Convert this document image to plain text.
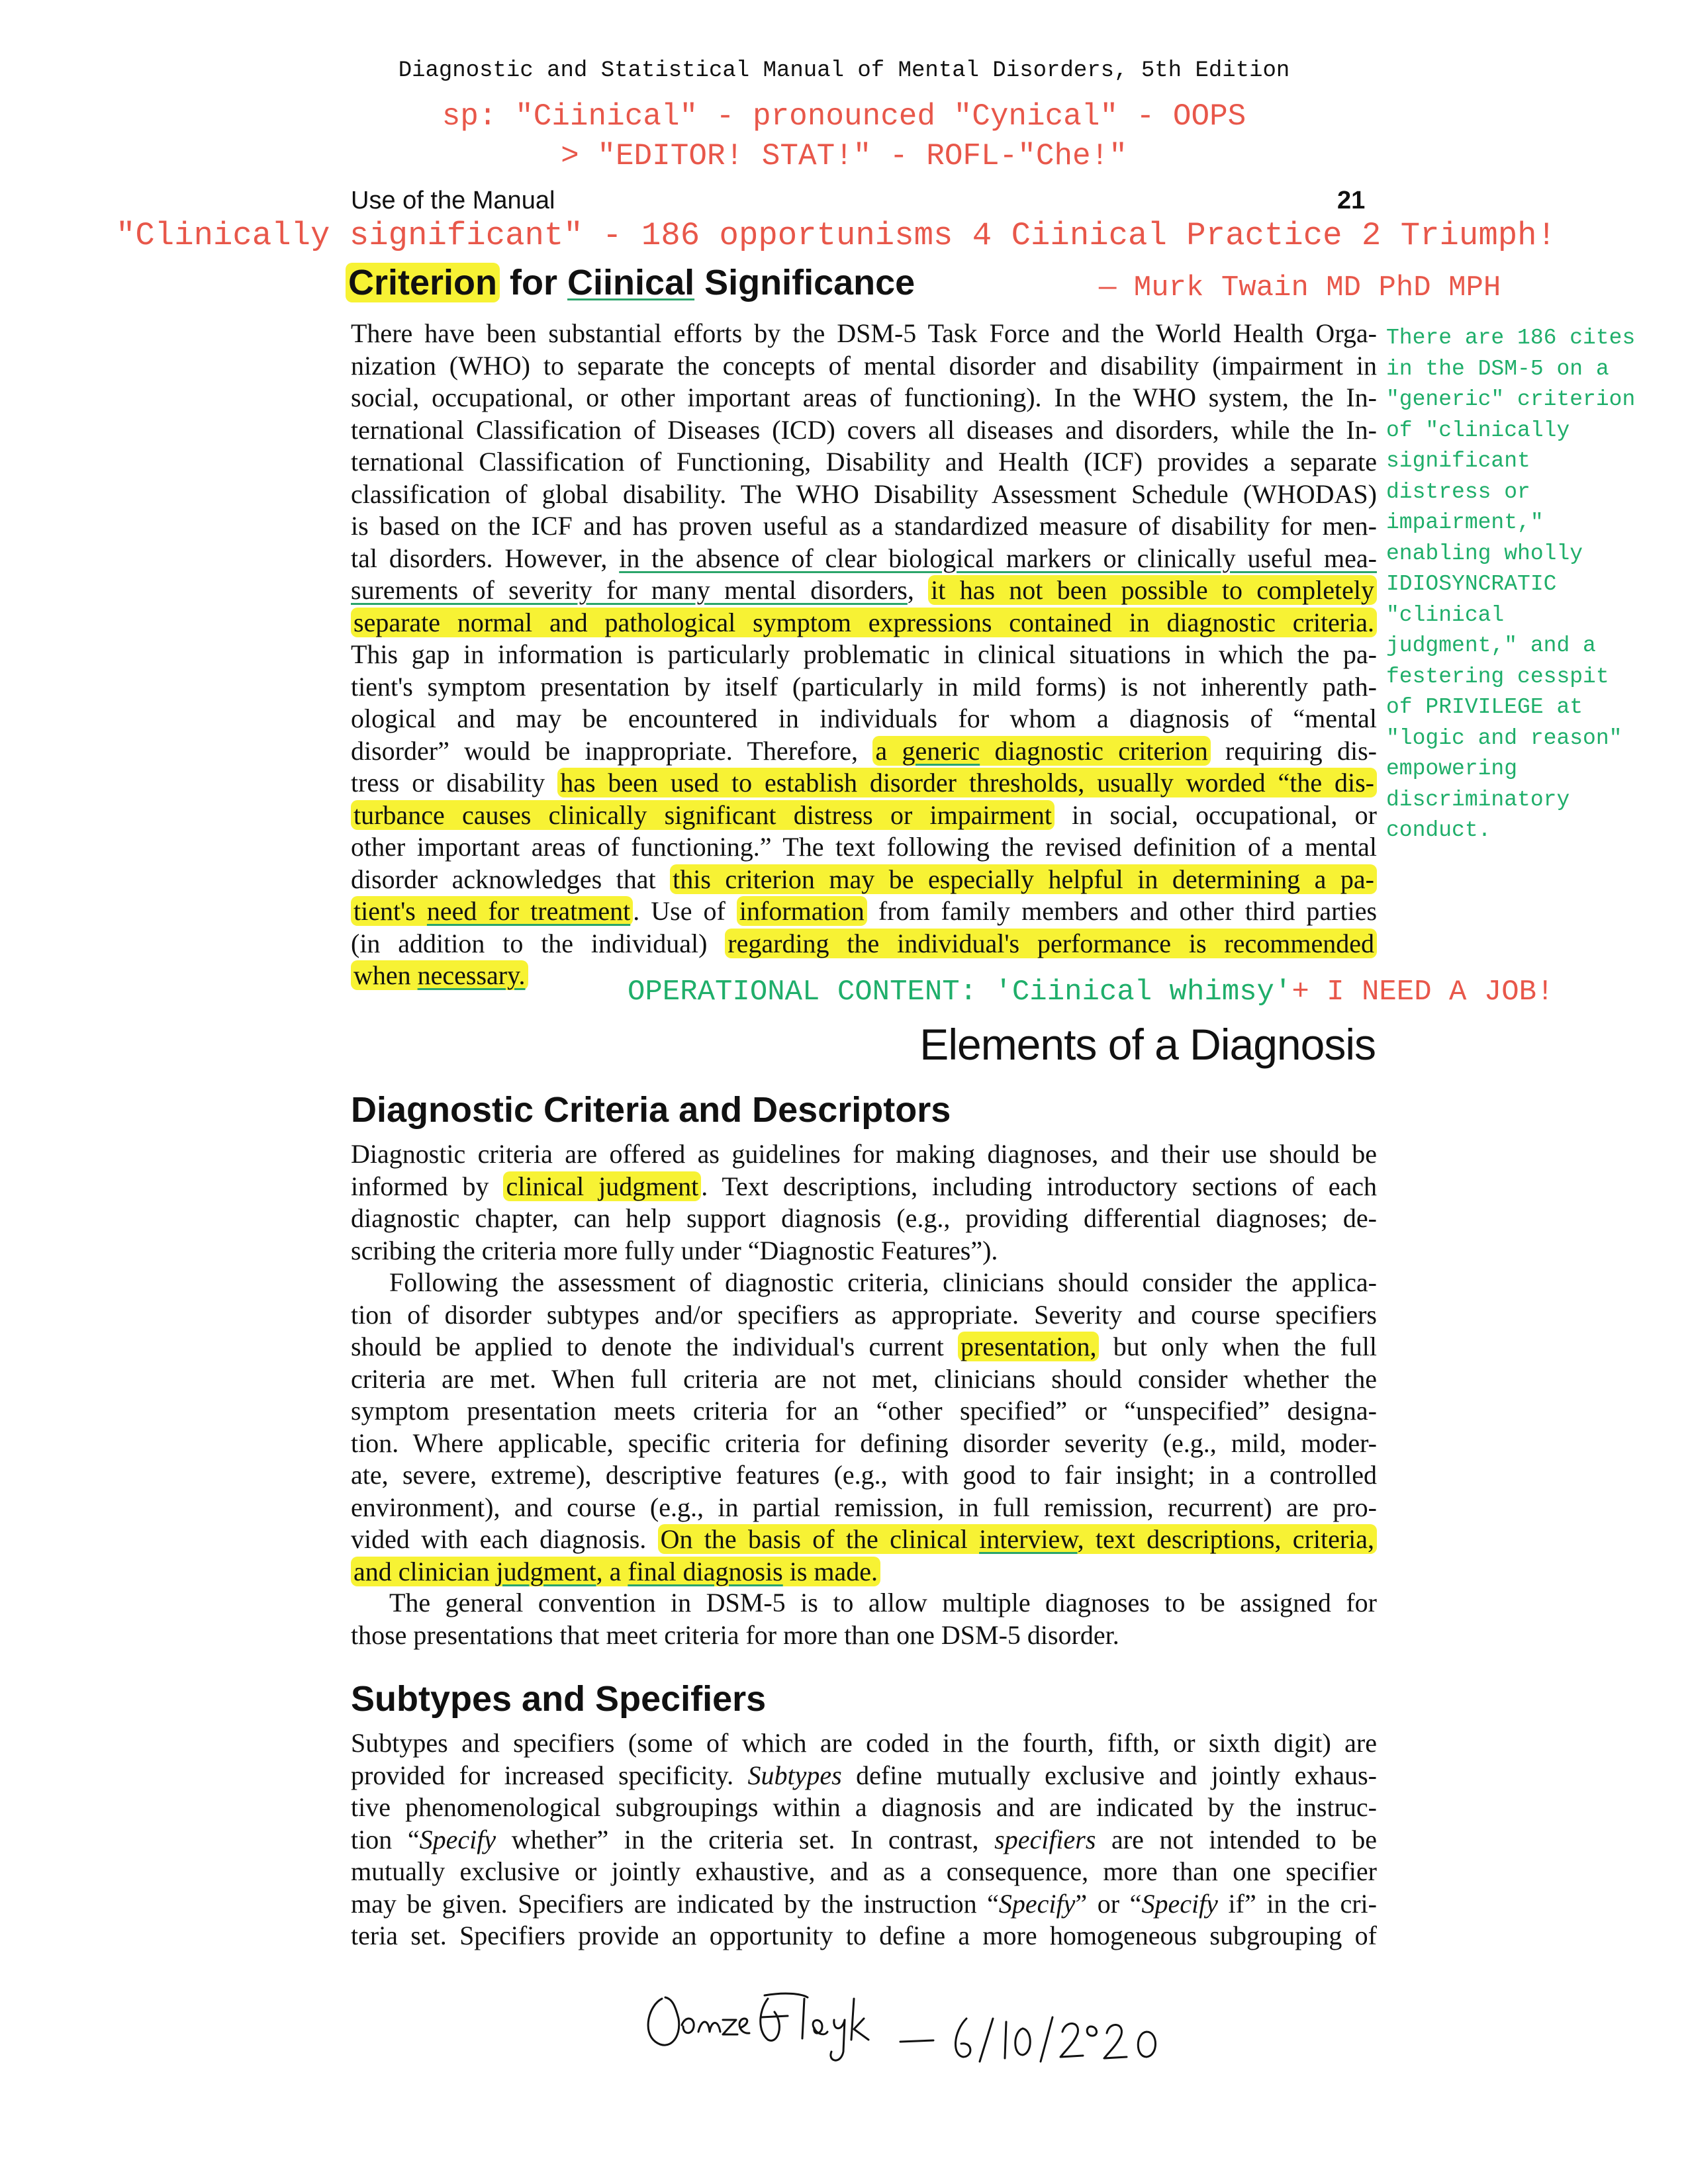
Diagnostic and Statistical Manual of Mental Disorders, 5th Edition
sp: "Ciinical" - pronounced "Cynical" - OOPS
> "EDITOR! STAT!" - ROFL-"Che!"
Use of the Manual	21
"Clinically significant" - 186 opportunisms 4 Ciinical Practice 2 Triumph!
Criterion for Ciinical Significance	— Murk Twain MD PhD MPH
There have been substantial efforts by the DSM-5 Task Force and the World Health Orga-
nization (WHO) to separate the concepts of mental disorder and disability (impairment in
social, occupational, or other important areas of functioning). In the WHO system, the In-
ternational Classification of Diseases (ICD) covers all diseases and disorders, while the In-
ternational Classification of Functioning, Disability and Health (ICF) provides a separate
classification of global disability. The WHO Disability Assessment Schedule (WHODAS)
is based on the ICF and has proven useful as a standardized measure of disability for men-
tal disorders. However, in the absence of clear biological markers or clinically useful mea-
surements of severity for many mental disorders, it has not been possible to completely
separate normal and pathological symptom expressions contained in diagnostic criteria.
This gap in information is particularly problematic in clinical situations in which the pa-
tient's symptom presentation by itself (particularly in mild forms) is not inherently path-
ological and may be encountered in individuals for whom a diagnosis of “mental
disorder” would be inappropriate. Therefore, a generic diagnostic criterion requiring dis-
tress or disability has been used to establish disorder thresholds, usually worded “the dis-
turbance causes clinically significant distress or impairment in social, occupational, or
other important areas of functioning.” The text following the revised definition of a mental
disorder acknowledges that this criterion may be especially helpful in determining a pa-
tient's need for treatment . Use of information from family members and other third parties
(in addition to the individual) regarding the individual's performance is recommended
when necessary.
There are 186 cites
in the DSM-5 on a
"generic" criterion
of "clinically
significant
distress or
impairment,"
enabling wholly
IDIOSYNCRATIC
"clinical
judgment," and a
festering cesspit
of PRIVILEGE at
"logic and reason"
empowering
discriminatory
conduct.
OPERATIONAL CONTENT: 'Ciinical whimsy'+ I NEED A JOB!
Elements of a Diagnosis
Diagnostic Criteria and Descriptors
Diagnostic criteria are offered as guidelines for making diagnoses, and their use should be
informed by clinical judgment . Text descriptions, including introductory sections of each
diagnostic chapter, can help support diagnosis (e.g., providing differential diagnoses; de-
scribing the criteria more fully under “Diagnostic Features”).
Following the assessment of diagnostic criteria, clinicians should consider the applica-
tion of disorder subtypes and/or specifiers as appropriate. Severity and course specifiers
should be applied to denote the individual's current presentation, but only when the full
criteria are met. When full criteria are not met, clinicians should consider whether the
symptom presentation meets criteria for an “other specified” or “unspecified” designa-
tion. Where applicable, specific criteria for defining disorder severity (e.g., mild, moder-
ate, severe, extreme), descriptive features (e.g., with good to fair insight; in a controlled
environment), and course (e.g., in partial remission, in full remission, recurrent) are pro-
vided with each diagnosis. On the basis of the clinical interview, text descriptions, criteria,
and clinician judgment, a final diagnosis is made.
The general convention in DSM-5 is to allow multiple diagnoses to be assigned for
those presentations that meet criteria for more than one DSM-5 disorder.
Subtypes and Specifiers
Subtypes and specifiers (some of which are coded in the fourth, fifth, or sixth digit) are
provided for increased specificity. Subtypes define mutually exclusive and jointly exhaus-
tive phenomenological subgroupings within a diagnosis and are indicated by the instruc-
tion “Specify whether” in the criteria set. In contrast, specifiers are not intended to be
mutually exclusive or jointly exhaustive, and as a consequence, more than one specifier
may be given. Specifiers are indicated by the instruction “Specify” or “Specify if” in the cri-
teria set. Specifiers provide an opportunity to define a more homogeneous subgrouping of
